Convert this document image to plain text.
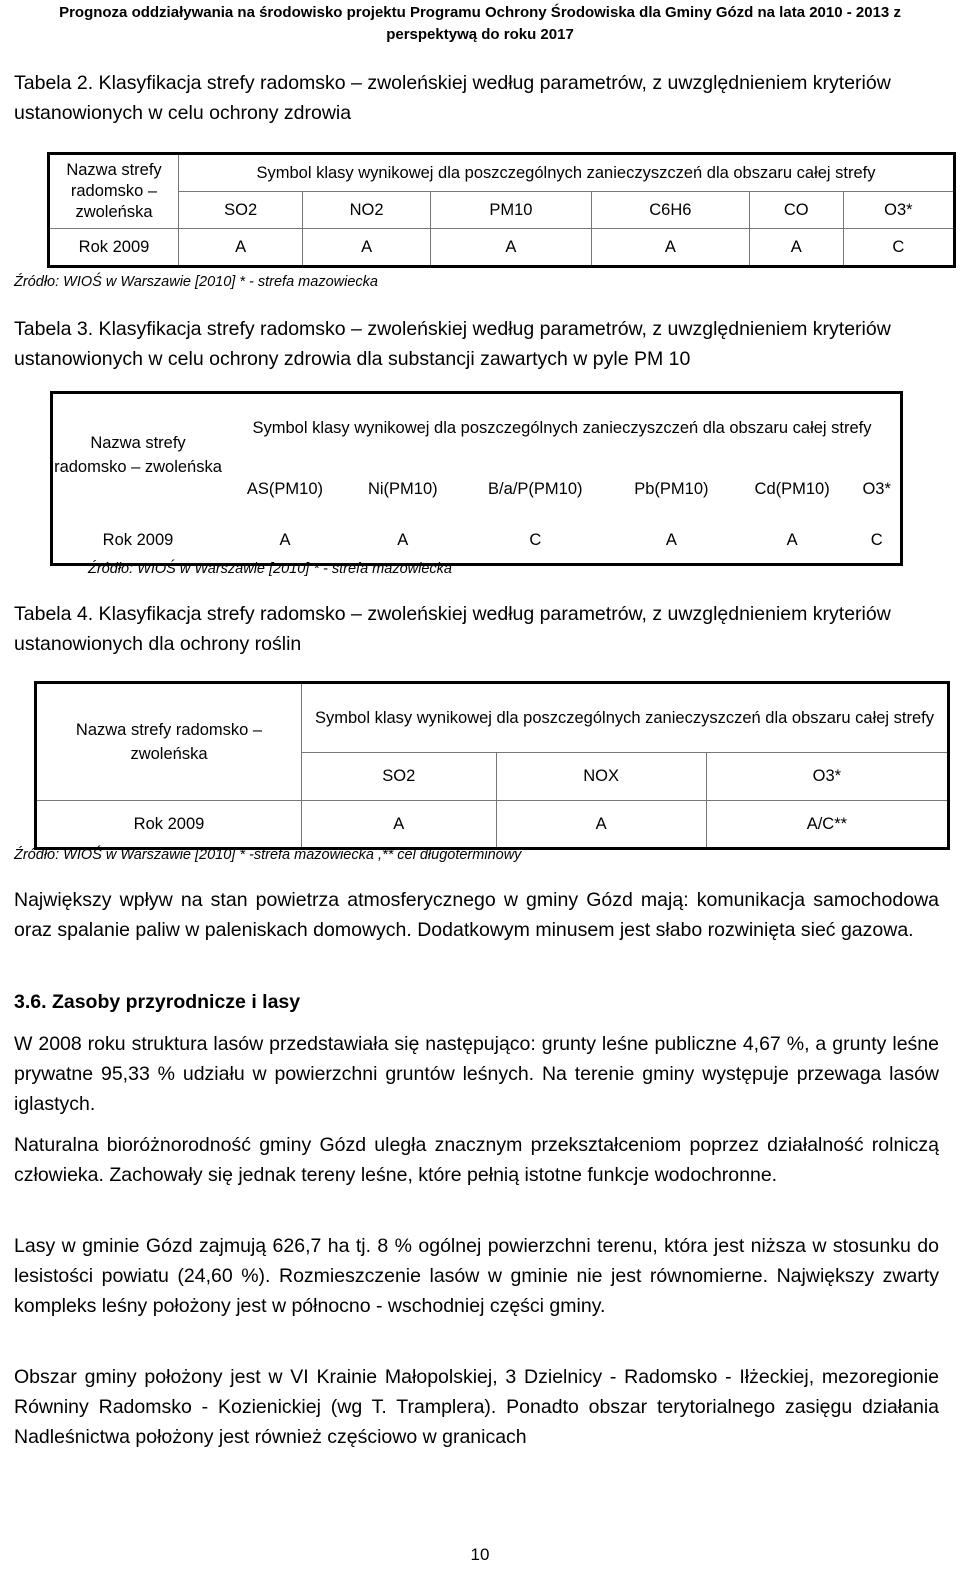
Prognoza oddziaływania na środowisko projektu Programu Ochrony Środowiska dla Gminy Gózd na lata 2010 - 2013 z
perspektywą do roku 2017
Tabela 2. Klasyfikacja strefy radomsko – zwoleńskiej według parametrów, z uwzględnieniem kryteriów ustanowionych w celu ochrony zdrowia
Nazwa strefy radomsko – zwoleńska	Symbol klasy wynikowej dla poszczególnych zanieczyszczeń dla obszaru całej strefy					
	SO2	NO2	PM10	C6H6	CO	O3*
Rok 2009	A	A	A	A	A	C
Źródło: WIOŚ w Warszawie [2010] * - strefa mazowiecka
Tabela 3. Klasyfikacja strefy radomsko – zwoleńskiej według parametrów, z uwzględnieniem kryteriów ustanowionych w celu ochrony zdrowia dla substancji zawartych w pyle PM 10
Nazwa strefy radomsko – zwoleńska	Symbol klasy wynikowej dla poszczególnych zanieczyszczeń dla obszaru całej strefy					
	AS(PM10)	Ni(PM10)	B/a/P(PM10)	Pb(PM10)	Cd(PM10)	O3*
Rok 2009	A	A	C	A	A	C
Źródło: WIOŚ w Warszawie [2010] * - strefa mazowiecka
Tabela 4. Klasyfikacja strefy radomsko – zwoleńskiej według parametrów, z uwzględnieniem kryteriów ustanowionych dla ochrony roślin
Nazwa strefy radomsko – zwoleńska	Symbol klasy wynikowej dla poszczególnych zanieczyszczeń dla obszaru całej strefy		
	SO2	NOX	O3*
Rok 2009	A	A	A/C**
Źródło: WIOŚ w Warszawie [2010] * -strefa mazowiecka ,** cel długoterminowy
Największy wpływ na stan powietrza atmosferycznego w gminy Gózd mają: komunikacja samochodowa oraz spalanie paliw w paleniskach domowych. Dodatkowym minusem jest słabo rozwinięta sieć gazowa.
3.6. Zasoby przyrodnicze i lasy
W 2008 roku struktura lasów przedstawiała się następująco: grunty leśne publiczne 4,67 %, a grunty leśne prywatne 95,33 % udziału w powierzchni gruntów leśnych. Na terenie gminy występuje przewaga lasów iglastych.
Naturalna bioróżnorodność gminy Gózd uległa znacznym przekształceniom poprzez działalność rolniczą człowieka. Zachowały się jednak tereny leśne, które pełnią istotne funkcje wodochronne.
Lasy w gminie Gózd zajmują 626,7 ha tj. 8 % ogólnej powierzchni terenu, która jest niższa w stosunku do lesistości powiatu (24,60 %). Rozmieszczenie lasów w gminie nie jest równomierne. Największy zwarty kompleks leśny położony jest w północno - wschodniej części gminy.
Obszar gminy położony jest w VI Krainie Małopolskiej, 3 Dzielnicy - Radomsko - Iłżeckiej, mezoregionie Równiny Radomsko - Kozienickiej (wg T. Tramplera). Ponadto obszar terytorialnego zasięgu działania Nadleśnictwa położony jest również częściowo w granicach
10
